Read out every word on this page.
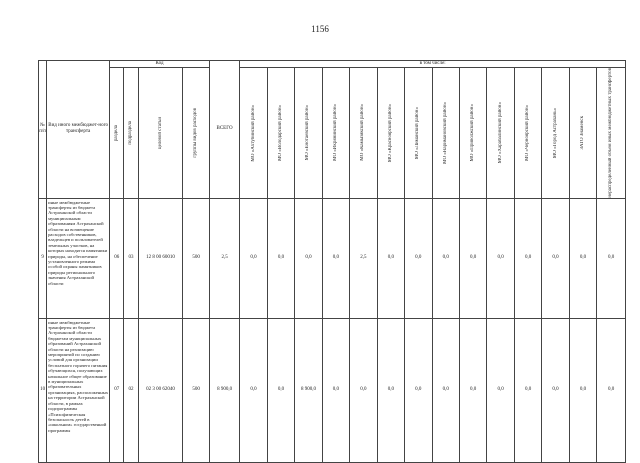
1156
№ п/п	Вид иного межбюджет-ного трансферта	Код				ВСЕГО	в том числе:													

		раздела	подраздела	целевой статьи	группы видов расходов		МО «Ахтубинский район»	МО «Володарский район»	МО «Енотаевский район»	МО «Икрянинский район»	МО «Камызякский район»	МО «Красноярский район»	МО «Лиманский район»	МО «Наримановский район»	МО «Приволжский район»	МО «Харабалинский район»	МО «Черноярский район»	МО «Город Астрахань»	ЗАТО Знаменск	нераспределенный объем иных межбюджетных трансфертов

9	иные межбюджетные трансферты из бюджета Астраханской области муниципальным образованиям Астраханской области на возмещение расходов собственников, владельцев и пользователей земельных участков, на которых находятся памятники природы, на обеспечение установленного режима особой охраны памятников природы регионального значения Астраханской области	06	03	12 8 00 60010	500	2,5	0,0	0,0	0,0	0,0	2,5	0,0	0,0	0,0	0,0	0,0	0,0	0,0	0,0	0,0
10	иные межбюджетные трансферты из бюджета Астраханской области бюджетам муниципальных образований Астраханской области на реализацию мероприятий по созданию условий для организации бесплатного горячего питания обучающихся, получающих начальное общее образование в муниципальных образовательных организациях, расположенных на территории Астраханской области, в рамках подпрограммы «Психофизическая безопасность детей в «школьном» государственной программы	07	02	02 3 00 62040	500	8 900,0	0,0	0,0	8 900,0	0,0	0,0	0,0	0,0	0,0	0,0	0,0	0,0	0,0	0,0	0,0
